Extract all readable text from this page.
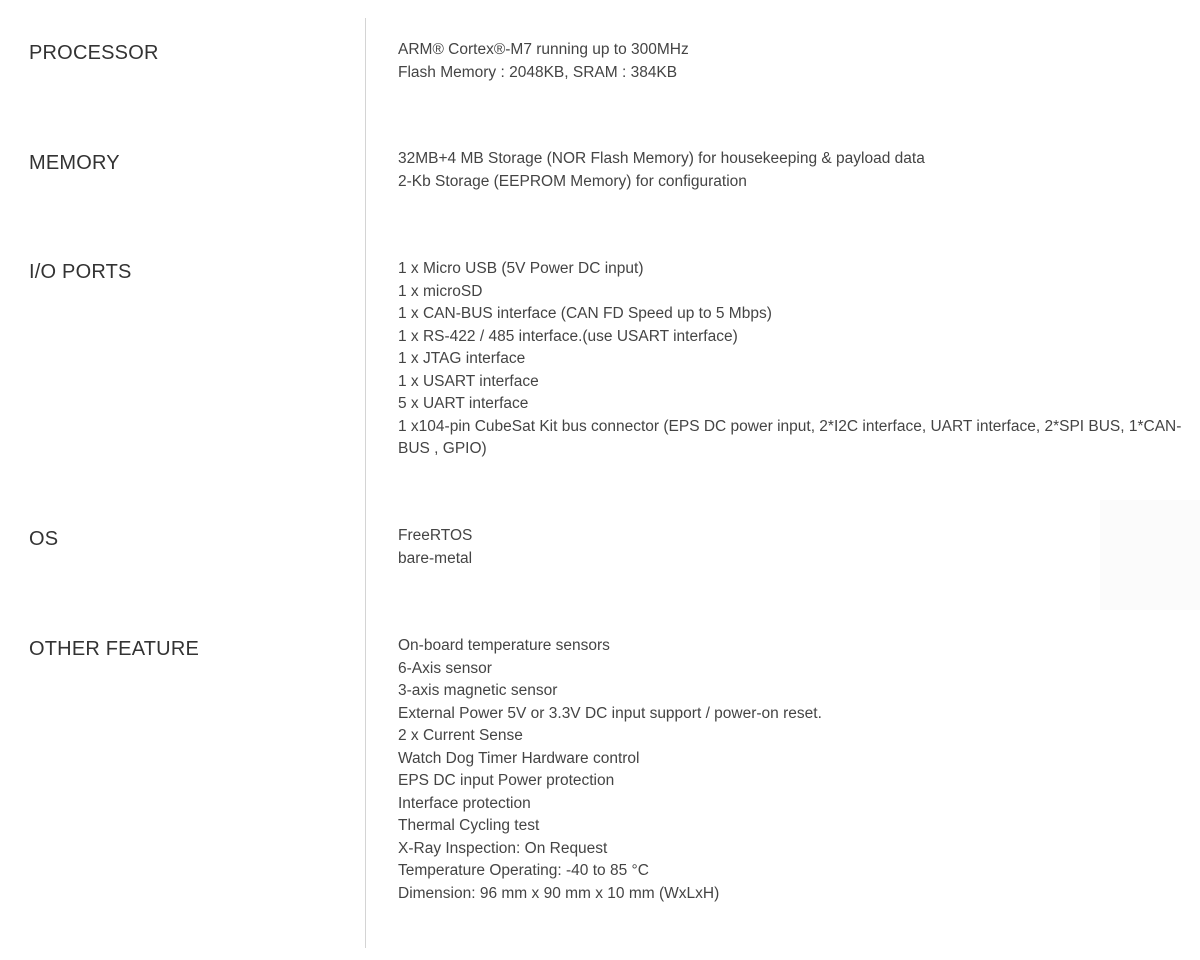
PROCESSOR	ARM® Cortex®-M7 running up to 300MHz
Flash Memory : 2048KB, SRAM : 384KB
MEMORY	32MB+4 MB Storage (NOR Flash Memory) for housekeeping & payload data
2-Kb Storage (EEPROM Memory) for configuration
I/O PORTS	1 x Micro USB (5V Power DC input)
1 x microSD
1 x CAN-BUS interface (CAN FD Speed up to 5 Mbps)
1 x RS-422 / 485 interface.(use USART interface)
1 x JTAG interface
1 x USART interface
5 x UART interface
1 x104-pin CubeSat Kit bus connector (EPS DC power input, 2*I2C interface, UART interface, 2*SPI BUS, 1*CAN-BUS , GPIO)
OS	FreeRTOS
bare-metal
OTHER FEATURE	On-board temperature sensors
6-Axis sensor
3-axis magnetic sensor
External Power 5V or 3.3V DC input support / power-on reset.
2 x Current Sense
Watch Dog Timer Hardware control
EPS DC input Power protection
Interface protection
Thermal Cycling test
X-Ray Inspection: On Request
Temperature Operating: -40 to 85 °C
Dimension: 96 mm x 90 mm x 10 mm (WxLxH)
